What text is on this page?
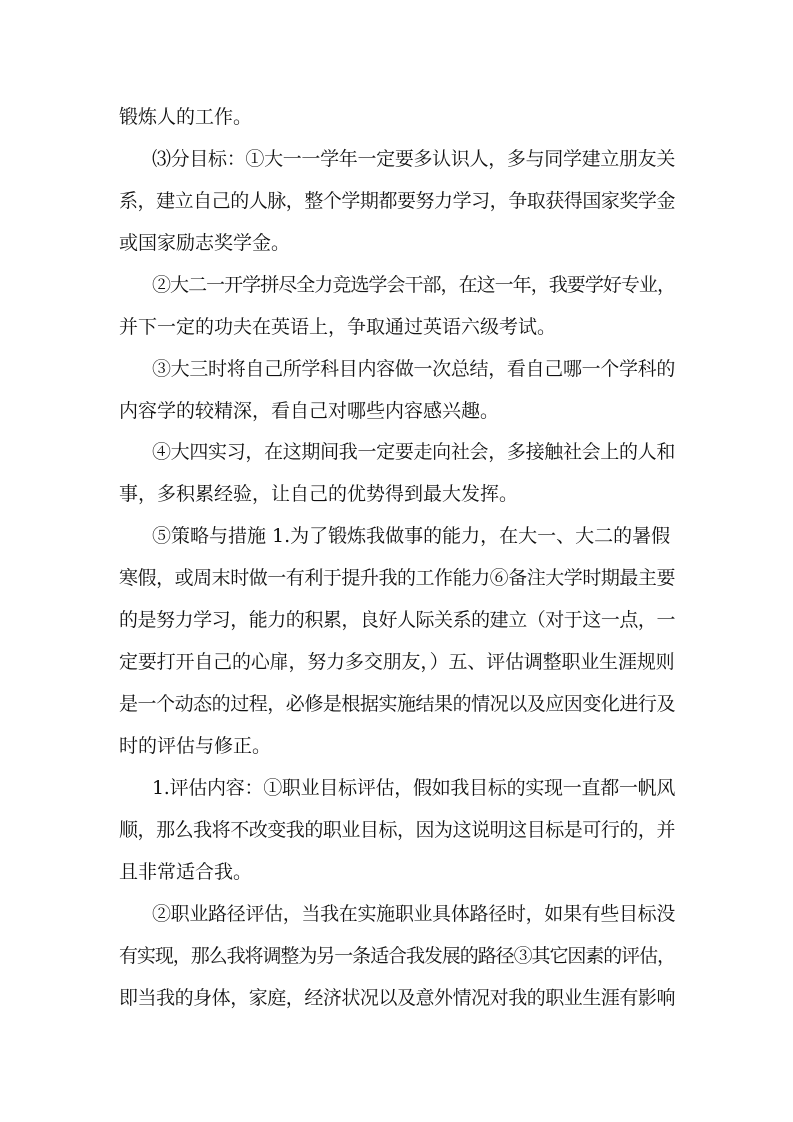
锻炼人的工作。
⑶分目标：①大一一学年一定要多认识人，多与同学建立朋友关
系，建立自己的人脉，整个学期都要努力学习，争取获得国家奖学金
或国家励志奖学金。
②大二一开学拼尽全力竞选学会干部，在这一年，我要学好专业，
并下一定的功夫在英语上，争取通过英语六级考试。
③大三时将自己所学科目内容做一次总结，看自己哪一个学科的
内容学的较精深，看自己对哪些内容感兴趣。
④大四实习，在这期间我一定要走向社会，多接触社会上的人和
事，多积累经验，让自己的优势得到最大发挥。
⑤策略与措施 1.为了锻炼我做事的能力，在大一、大二的暑假
寒假，或周末时做一有利于提升我的工作能力⑥备注大学时期最主要
的是努力学习，能力的积累，良好人际关系的建立（对于这一点，一
定要打开自己的心扉，努力多交朋友，）五、评估调整职业生涯规则
是一个动态的过程，必修是根据实施结果的情况以及应因变化进行及
时的评估与修正。
1.评估内容：①职业目标评估，假如我目标的实现一直都一帆风
顺，那么我将不改变我的职业目标，因为这说明这目标是可行的，并
且非常适合我。
②职业路径评估，当我在实施职业具体路径时，如果有些目标没
有实现，那么我将调整为另一条适合我发展的路径③其它因素的评估，
即当我的身体，家庭，经济状况以及意外情况对我的职业生涯有影响
